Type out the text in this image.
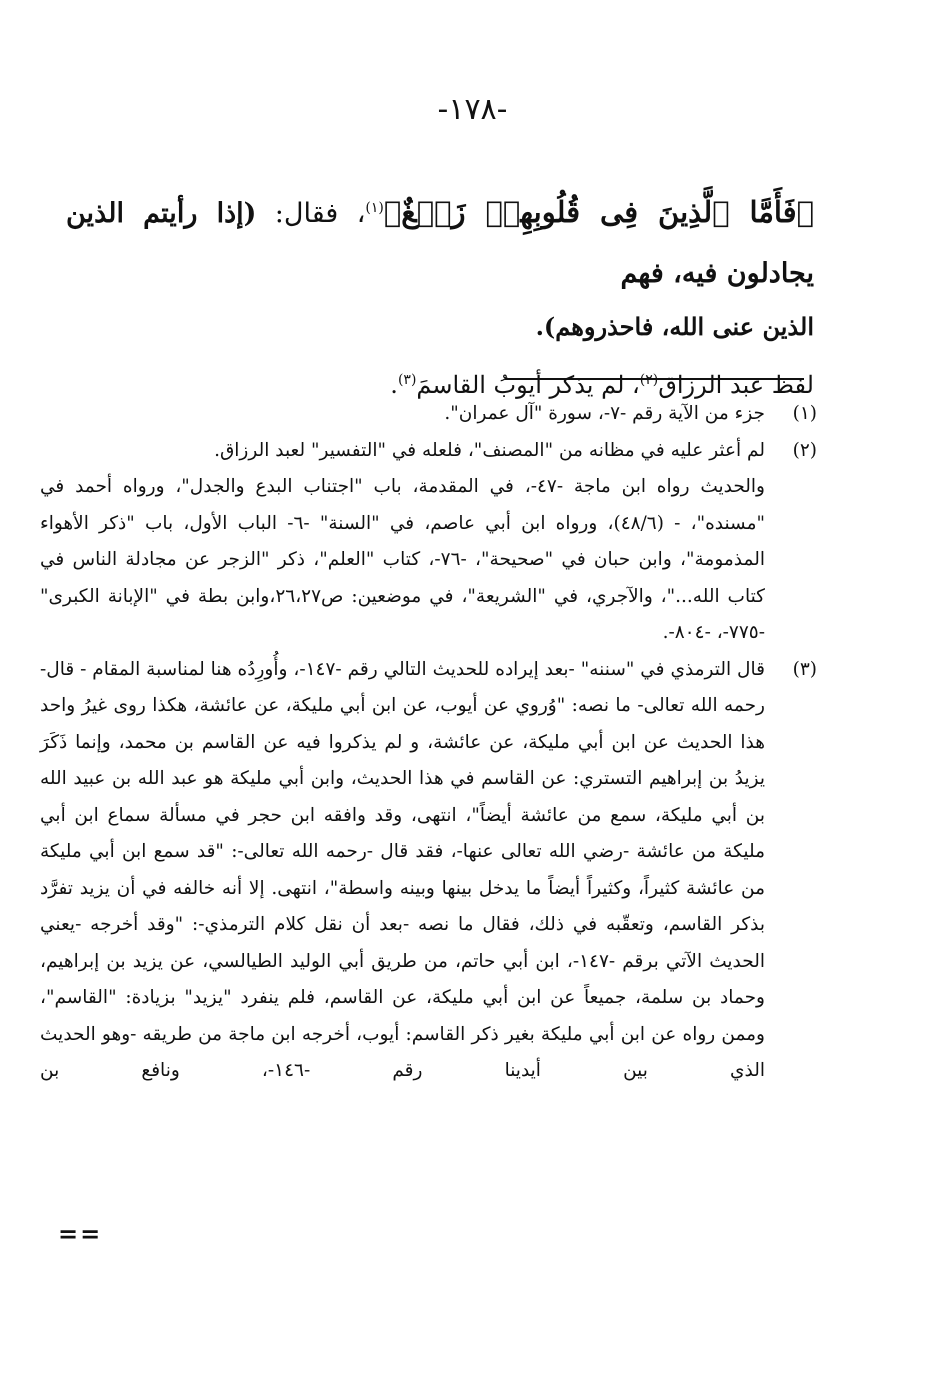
-١٧٨-

﴿فَأَمَّا ٱلَّذِينَ فِى قُلُوبِهِمۡ زَيۡغٌ﴾$^{(١)}$، فقال: (إذا رأيتم الذين يجادلون فيه، فهم

الذين عنى الله، فاحذروهم).

لفظ عبد الرزاق$^{(٢)}$، لم يذكر أيوبُ القاسمَ$^{(٣)}$.

(١)

جزء من الآية رقم -٧-، سورة "آل عمران".

(٢)

لم أعثر عليه في مظانه من "المصنف"، فلعله في "التفسير" لعبد الرزاق.

والحديث رواه ابن ماجة -٤٧-، في المقدمة، باب "اجتناب البدع والجدل"، ورواه أحمد في "مسنده"، - (٤٨/٦)، ورواه ابن أبي عاصم، في "السنة" -٦- الباب الأول، باب "ذكر الأهواء المذمومة"، وابن حبان في "صحيحة"، -٧٦-، كتاب "العلم"، ذكر "الزجر عن مجادلة الناس في كتاب الله..."، والآجري، في "الشريعة"، في موضعين: ص٢٦،٢٧،وابن بطة في "الإبانة الكبرى" -٧٧٥-، -٨٠٤-.

(٣)

قال الترمذي في "سننه" -بعد إيراده للحديث التالي رقم -١٤٧-، وأُورِدُه هنا لمناسبة المقام - قال-رحمه الله تعالى- ما نصه: "وُروي عن أيوب، عن ابن أبي مليكة، عن عائشة، هكذا روى غيرُ واحد هذا الحديث عن ابن أبي مليكة، عن عائشة، و لم يذكروا فيه عن القاسم بن محمد، وإنما ذَكَرَ يزيدُ بن إبراهيم التستري: عن القاسم في هذا الحديث، وابن أبي مليكة هو عبد الله بن عبيد الله بن أبي مليكة، سمع من عائشة أيضاً"، انتهى، وقد وافقه ابن حجر في مسألة سماع ابن أبي مليكة من عائشة -رضي الله تعالى عنها-، فقد قال -رحمه الله تعالى-: "قد سمع ابن أبي مليكة من عائشة كثيراً، وكثيراً أيضاً ما يدخل بينها وبينه واسطة"، انتهى. إلا أنه خالفه في أن يزيد تفرَّد بذكر القاسم، وتعقّبه في ذلك، فقال ما نصه -بعد أن نقل كلام الترمذي-: "وقد أخرجه -يعني الحديث الآتي برقم -١٤٧-، ابن أبي حاتم، من طريق أبي الوليد الطيالسي، عن يزيد بن إبراهيم، وحماد بن سلمة، جميعاً عن ابن أبي مليكة، عن القاسم، فلم ينفرد "يزيد" بزيادة: "القاسم"، وممن رواه عن ابن أبي مليكة بغير ذكر القاسم: أيوب، أخرجه ابن ماجة من طريقه -وهو الحديث الذي بين أيدينا رقم -١٤٦-، ونافع بن

==
